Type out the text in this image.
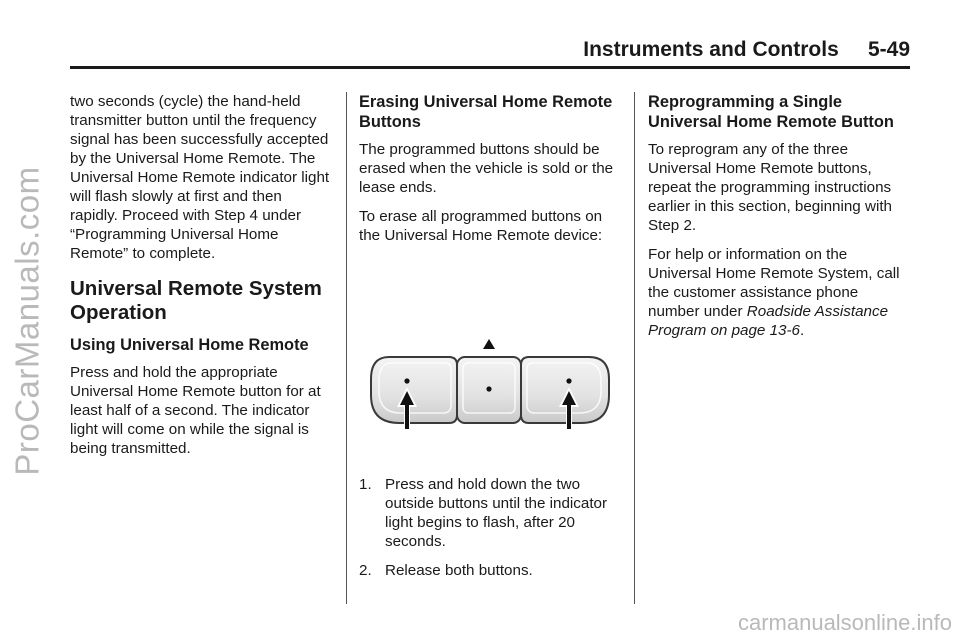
ProCarManuals.com
Instruments and Controls 5-49

two seconds (cycle) the hand-held transmitter button until the frequency signal has been successfully accepted by the Universal Home Remote. The Universal Home Remote indicator light will flash slowly at first and then rapidly. Proceed with Step 4 under “Programming Universal Home Remote” to complete.

Universal Remote System Operation
Using Universal Home Remote

Press and hold the appropriate Universal Home Remote button for at least half of a second. The indicator light will come on while the signal is being transmitted.

Erasing Universal Home Remote Buttons

The programmed buttons should be erased when the vehicle is sold or the lease ends.

To erase all programmed buttons on the Universal Home Remote device:

1. Press and hold down the two outside buttons until the indicator light begins to flash, after 20 seconds.
2. Release both buttons.
Reprogramming a Single Universal Home Remote Button

To reprogram any of the three Universal Home Remote buttons, repeat the programming instructions earlier in this section, beginning with Step 2.

For help or information on the Universal Home Remote System, call the customer assistance phone number under Roadside Assistance Program on page 13-6.

carmanualsonline.info
